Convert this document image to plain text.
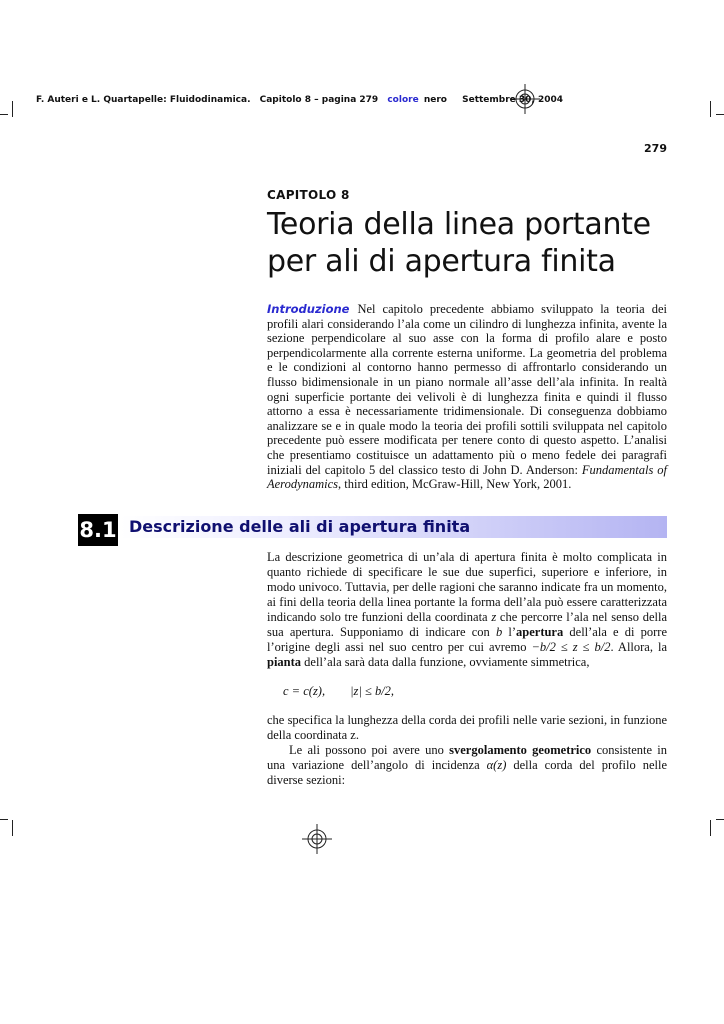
F. Auteri e L. Quartapelle: Fluidodinamica. Capitolo 8 – pagina 279 colore nero Settembre 30, 2004
279
CAPITOLO 8
Teoria della linea portante
per ali di apertura finita
Introduzione Nel capitolo precedente abbiamo sviluppato la teoria dei profili alari considerando l’ala come un cilindro di lunghezza infinita, avente la sezione perpendicolare al suo asse con la forma di profilo alare e posto perpendicolarmente alla corrente esterna uniforme. La geometria del problema e le condizioni al contorno hanno permesso di affrontarlo considerando un flusso bidimensionale in un piano normale all’asse dell’ala infinita. In realtà ogni superficie portante dei velivoli è di lunghezza finita e quindi il flusso attorno a essa è necessariamente tridimensionale. Di conseguenza dobbiamo analizzare se e in quale modo la teoria dei profili sottili sviluppata nel capitolo precedente può essere modificata per tenere conto di questo aspetto. L’analisi che presentiamo costituisce un adattamento più o meno fedele dei paragrafi iniziali del capitolo 5 del classico testo di John D. Anderson: Fundamentals of Aerodynamics, third edition, McGraw-Hill, New York, 2001.
8.1 Descrizione delle ali di apertura finita

La descrizione geometrica di un’ala di apertura finita è molto complicata in quanto richiede di specificare le sue due superfici, superiore e inferiore, in modo univoco. Tuttavia, per delle ragioni che saranno indicate fra un momento, ai fini della teoria della linea portante la forma dell’ala può essere caratterizzata indicando solo tre funzioni della coordinata z che percorre l’ala nel senso della sua apertura. Supponiamo di indicare con b l’apertura dell’ala e di porre l’origine degli assi nel suo centro per cui avremo −b/2 ≤ z ≤ b/2. Allora, la pianta dell’ala sarà data dalla funzione, ovviamente simmetrica,

c = c(z),        |z| ≤ b/2,

che specifica la lunghezza della corda dei profili nelle varie sezioni, in funzione della coordinata z.

Le ali possono poi avere uno svergolamento geometrico consistente in una variazione dell’angolo di incidenza α(z) della corda del profilo nelle diverse sezioni:
